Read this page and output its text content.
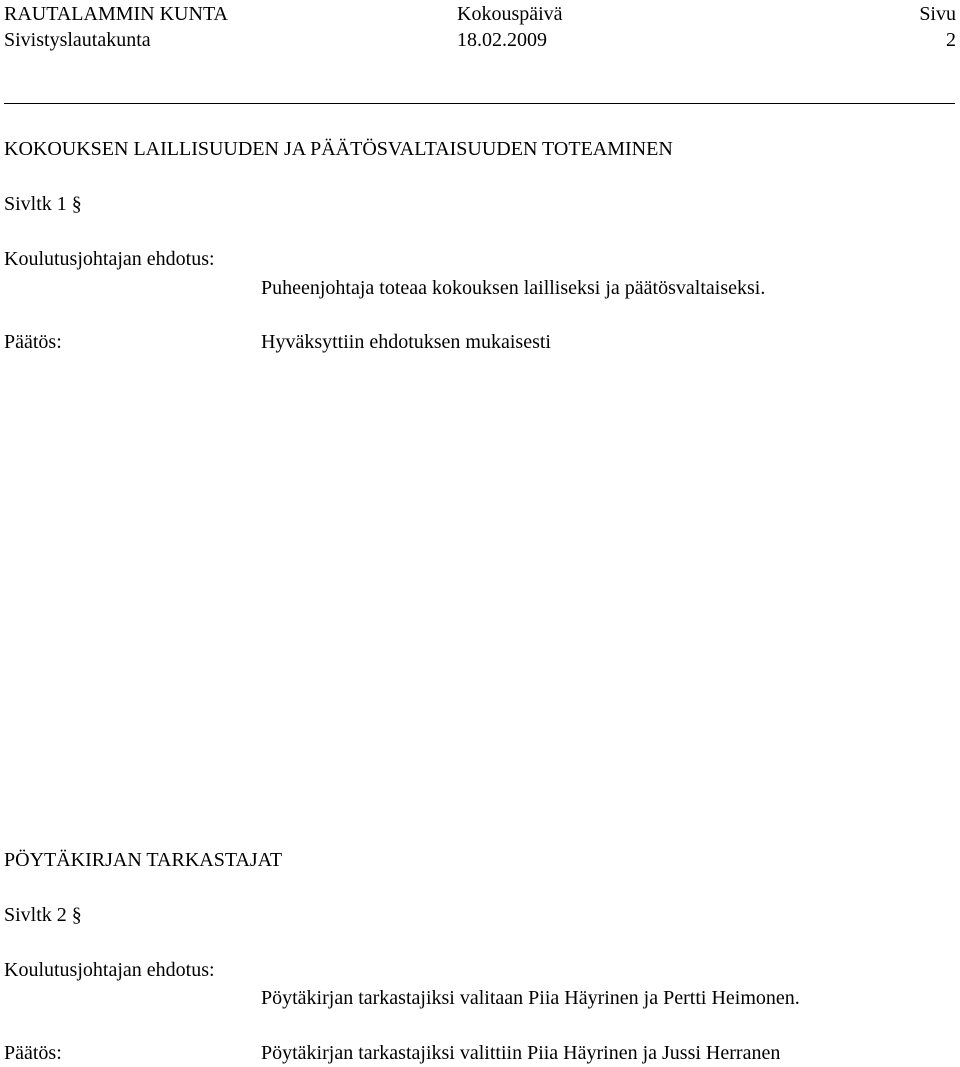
RAUTALAMMIN KUNTA
Sivistyslautakunta
Kokouspäivä
18.02.2009
Sivu
2
KOKOUKSEN LAILLISUUDEN JA PÄÄTÖSVALTAISUUDEN TOTEAMINEN
Sivltk 1 §
Koulutusjohtajan ehdotus:
Puheenjohtaja toteaa kokouksen lailliseksi ja päätösvaltaiseksi.
Päätös:	Hyväksyttiin ehdotuksen mukaisesti
PÖYTÄKIRJAN TARKASTAJAT
Sivltk 2 §
Koulutusjohtajan ehdotus:
Pöytäkirjan tarkastajiksi valitaan Piia Häyrinen ja Pertti Heimonen.
Päätös:	Pöytäkirjan tarkastajiksi valittiin Piia Häyrinen ja Jussi Herranen
